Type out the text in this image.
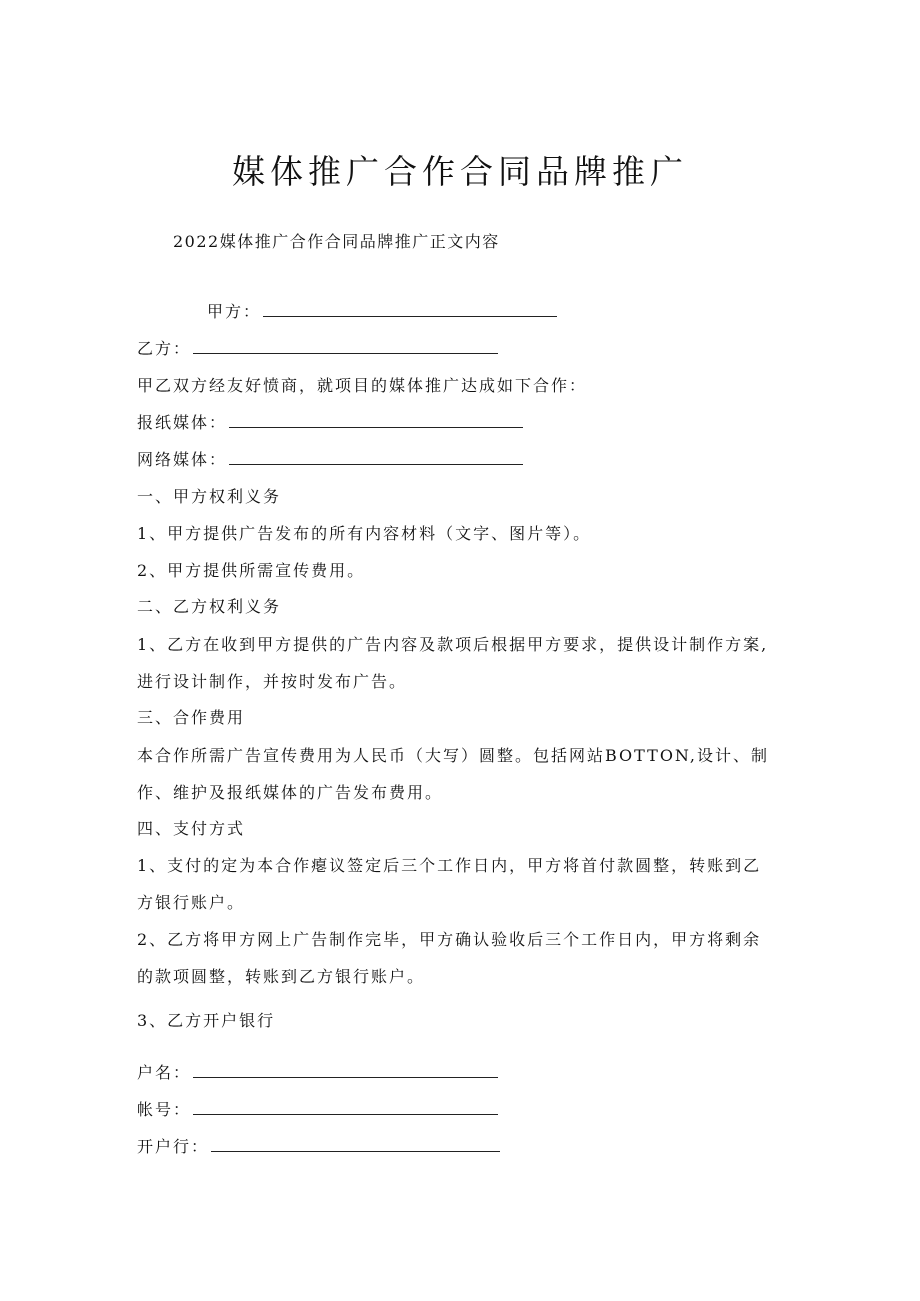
媒体推广合作合同品牌推广
2022媒体推广合作合同品牌推广正文内容
甲方：
乙方：
甲乙双方经友好愤商，就项目的媒体推广达成如下合作：
报纸媒体：
网络媒体：
一、甲方权利义务
1、甲方提供广告发布的所有内容材料（文字、图片等）。
2、甲方提供所需宣传费用。
二、乙方权利义务
1、乙方在收到甲方提供的广告内容及款项后根据甲方要求，提供设计制作方案,进行设计制作，并按时发布广告。
三、合作费用
本合作所需广告宣传费用为人民币（大写）圆整。包括网站BOTTON,设计、制作、维护及报纸媒体的广告发布费用。
四、支付方式
1、支付的定为本合作瘪议签定后三个工作日内，甲方将首付款圆整，转账到乙方银行账户。
2、乙方将甲方网上广告制作完毕，甲方确认验收后三个工作日内，甲方将剩余的款项圆整，转账到乙方银行账户。
3、乙方开户银行
户名：
帐号：
开户行：
